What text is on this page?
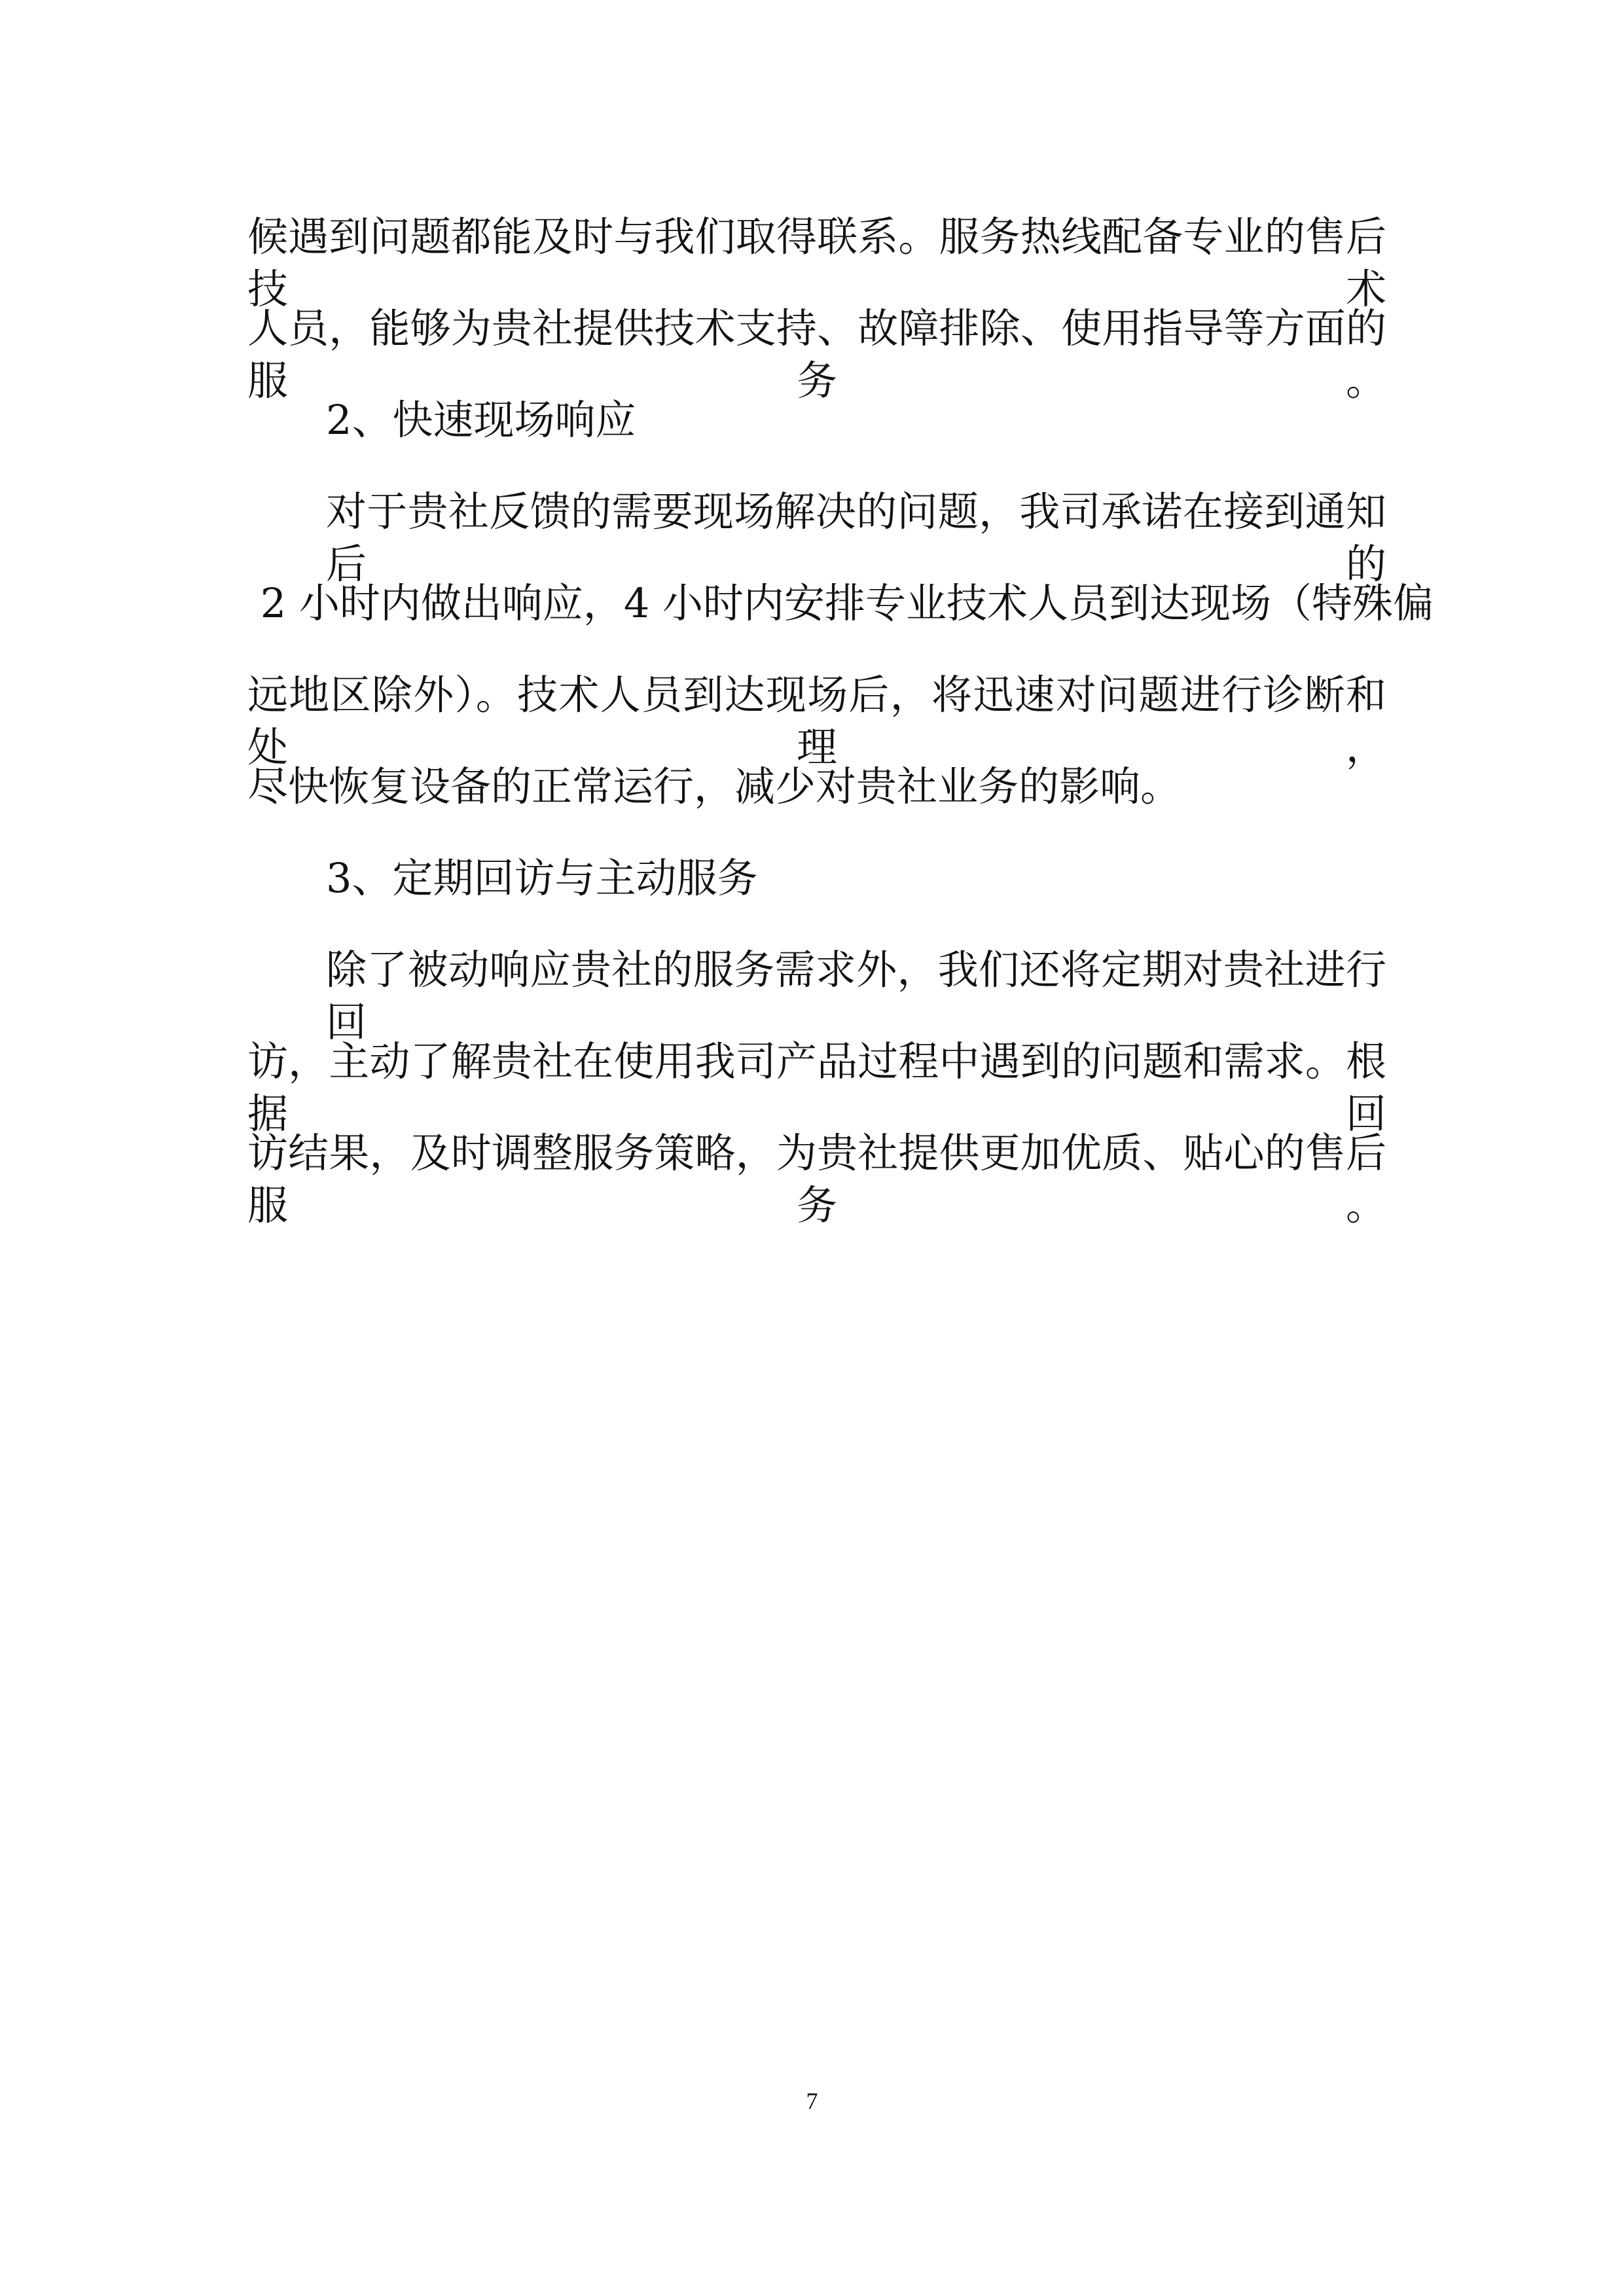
候遇到问题都能及时与我们取得联系。服务热线配备专业的售后技术
人员，能够为贵社提供技术支持、故障排除、使用指导等方面的服务。
2、快速现场响应
对于贵社反馈的需要现场解决的问题，我司承诺在接到通知后的
2 小时内做出响应，4 小时内安排专业技术人员到达现场（特殊偏
远地区除外）。技术人员到达现场后，将迅速对问题进行诊断和处理，
尽快恢复设备的正常运行，减少对贵社业务的影响。
3、定期回访与主动服务
除了被动响应贵社的服务需求外，我们还将定期对贵社进行回
访，主动了解贵社在使用我司产品过程中遇到的问题和需求。根据回
访结果，及时调整服务策略，为贵社提供更加优质、贴心的售后服务。
7
